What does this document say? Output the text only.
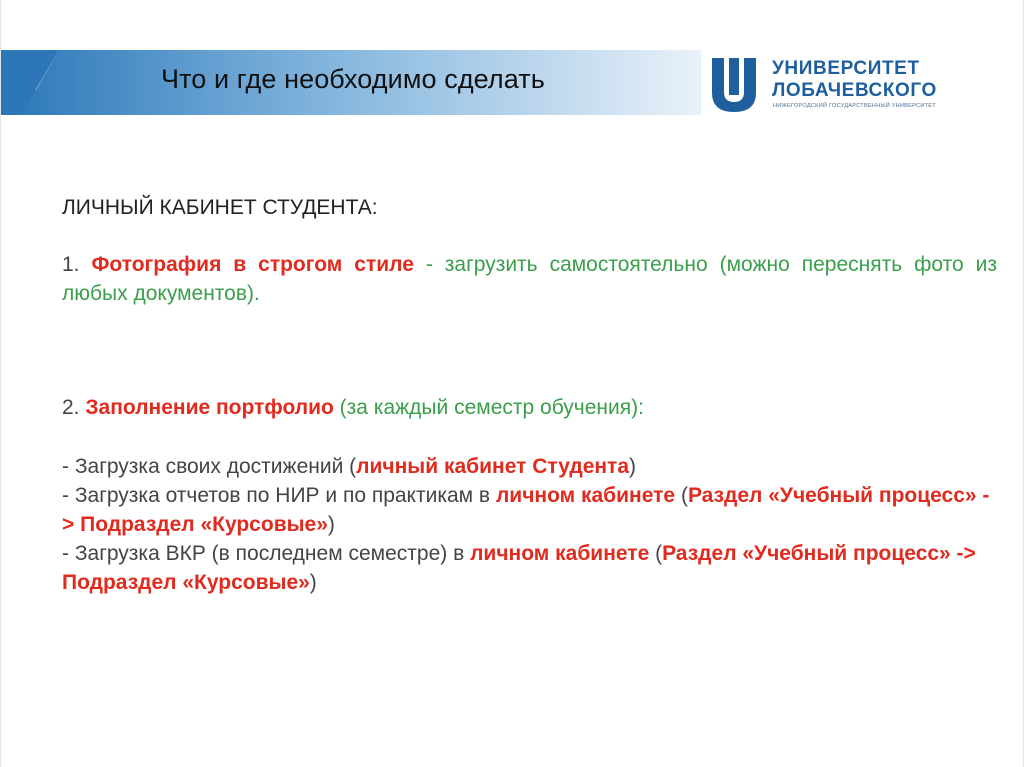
Что и где необходимо сделать	УНИВЕРСИТЕТ
ЛОБАЧЕВСКОГО
НИЖЕГОРОДСКИЙ ГОСУДАРСТВЕННЫЙ УНИВЕРСИТЕТ

ЛИЧНЫЙ КАБИНЕТ СТУДЕНТА:

1. Фотография в строгом стиле - загрузить самостоятельно (можно переснять фото из любых документов).

2. Заполнение портфолио (за каждый семестр обучения):

- Загрузка своих достижений (личный кабинет Студента)

- Загрузка отчетов по НИР и по практикам в личном кабинете (Раздел «Учебный процесс» -> Подраздел «Курсовые»)

- Загрузка ВКР (в последнем семестре) в личном кабинете (Раздел «Учебный процесс» -> Подраздел «Курсовые»)
